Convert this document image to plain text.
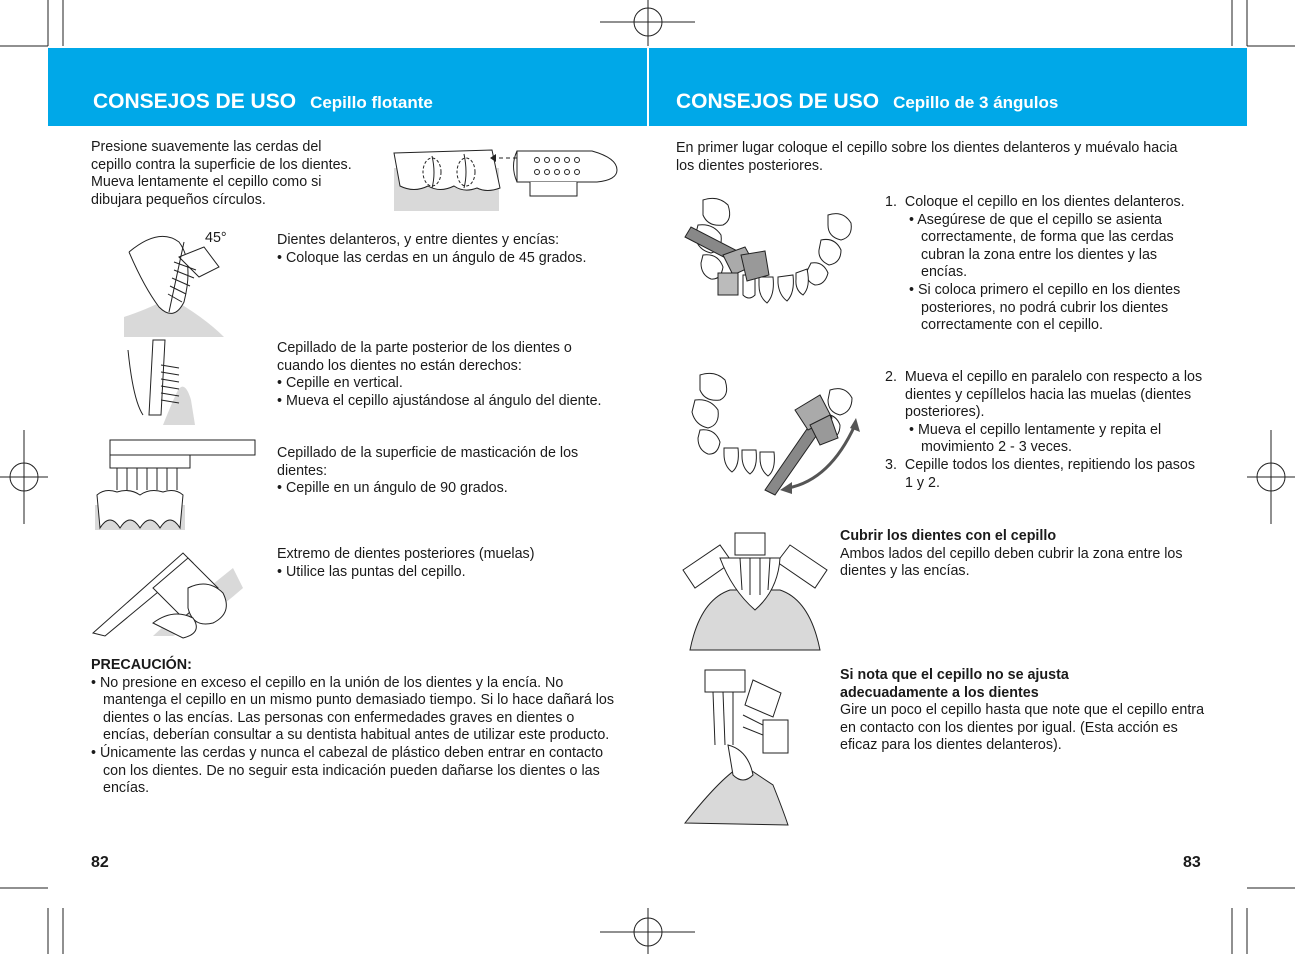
CONSEJOS DE USO Cepillo flotante	CONSEJOS DE USO Cepillo de 3 ángulos

Presione suavemente las cerdas del

cepillo contra la superficie de los dientes.

Mueva lentamente el cepillo como si

dibujara pequeños círculos.

45°	Dientes delanteros, y entre dientes y encías:

• Coloque las cerdas en un ángulo de 45 grados.

Cepillado de la parte posterior de los dientes o cuando los dientes no están derechos:

• Cepille en vertical.

• Mueva el cepillo ajustándose al ángulo del diente.

Cepillado de la superficie de masticación de los dientes:

• Cepille en un ángulo de 90 grados.

Extremo de dientes posteriores (muelas)

• Utilice las puntas del cepillo.

PRECAUCIÓN:

• No presione en exceso el cepillo en la unión de los dientes y la encía. No mantenga el cepillo en un mismo punto demasiado tiempo. Si lo hace dañará los dientes o las encías. Las personas con enfermedades graves en dientes o encías, deberían consultar a su dentista habitual antes de utilizar este producto.

• Únicamente las cerdas y nunca el cabezal de plástico deben entrar en contacto con los dientes. De no seguir esta indicación pueden dañarse los dientes o las encías.

82
En primer lugar coloque el cepillo sobre los dientes delanteros y muévalo hacia los dientes posteriores.

1. Coloque el cepillo en los dientes delanteros.

• Asegúrese de que el cepillo se asienta correctamente, de forma que las cerdas cubran la zona entre los dientes y las encías.

• Si coloca primero el cepillo en los dientes posteriores, no podrá cubrir los dientes correctamente con el cepillo.

2. Mueva el cepillo en paralelo con respecto a los dientes y cepíllelos hacia las muelas (dientes posteriores).

• Mueva el cepillo lentamente y repita el movimiento 2 - 3 veces.

3. Cepille todos los dientes, repitiendo los pasos 1 y 2.

Cubrir los dientes con el cepillo

Ambos lados del cepillo deben cubrir la zona entre los dientes y las encías.

Si nota que el cepillo no se ajusta adecuadamente a los dientes

Gire un poco el cepillo hasta que note que el cepillo entra en contacto con los dientes por igual. (Esta acción es eficaz para los dientes delanteros).

83
